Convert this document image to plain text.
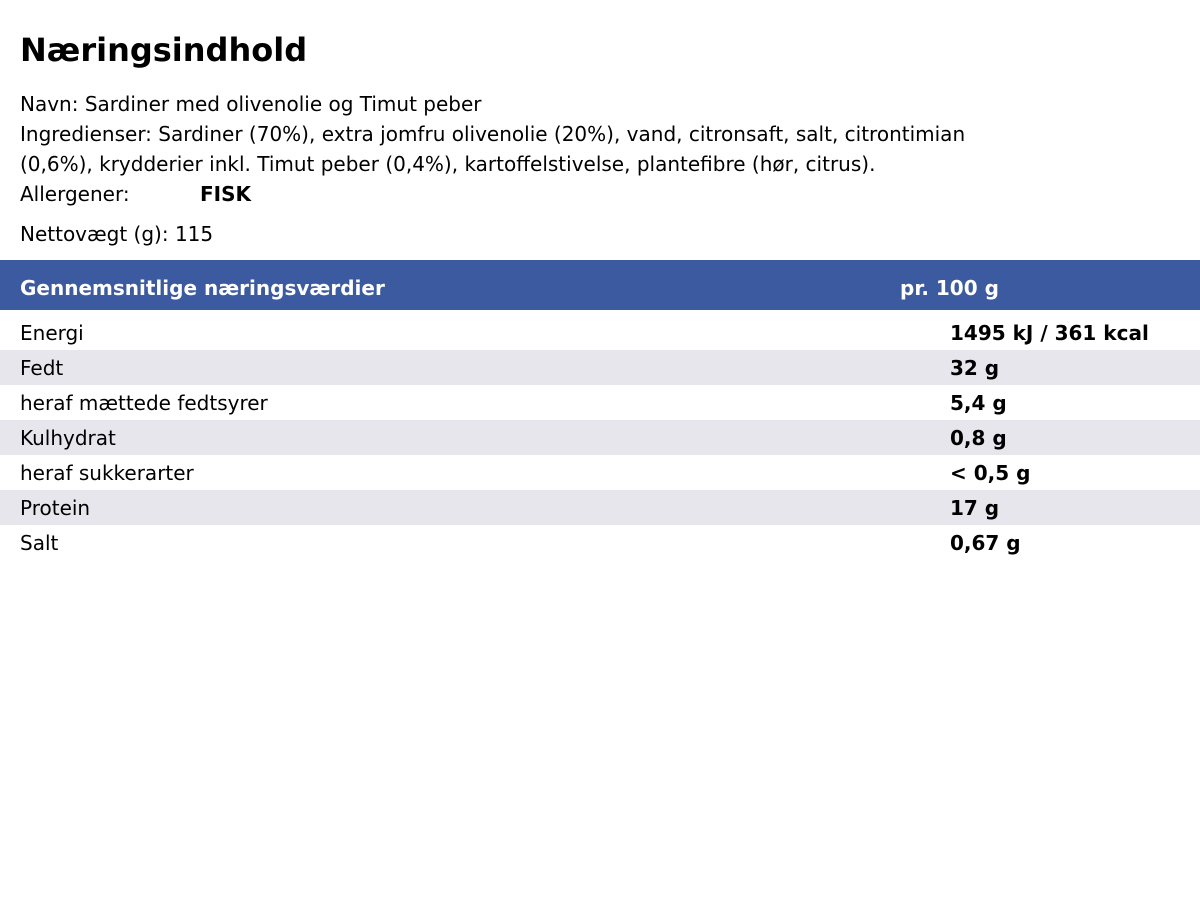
Næringsindhold
Navn: Sardiner med olivenolie og Timut peber
Ingredienser: Sardiner (70%), extra jomfru olivenolie (20%), vand, citronsaft, salt, citrontimian
(0,6%), krydderier inkl. Timut peber (0,4%), kartoffelstivelse, plantefibre (hør, citrus).
Allergener:	FISK
Nettovægt (g): 115
Gennemsnitlige næringsværdier	pr. 100 g
Energi	1495 kJ / 361 kcal
Fedt	32 g
heraf mættede fedtsyrer	5,4 g
Kulhydrat	0,8 g
heraf sukkerarter	< 0,5 g
Protein	17 g
Salt	0,67 g
